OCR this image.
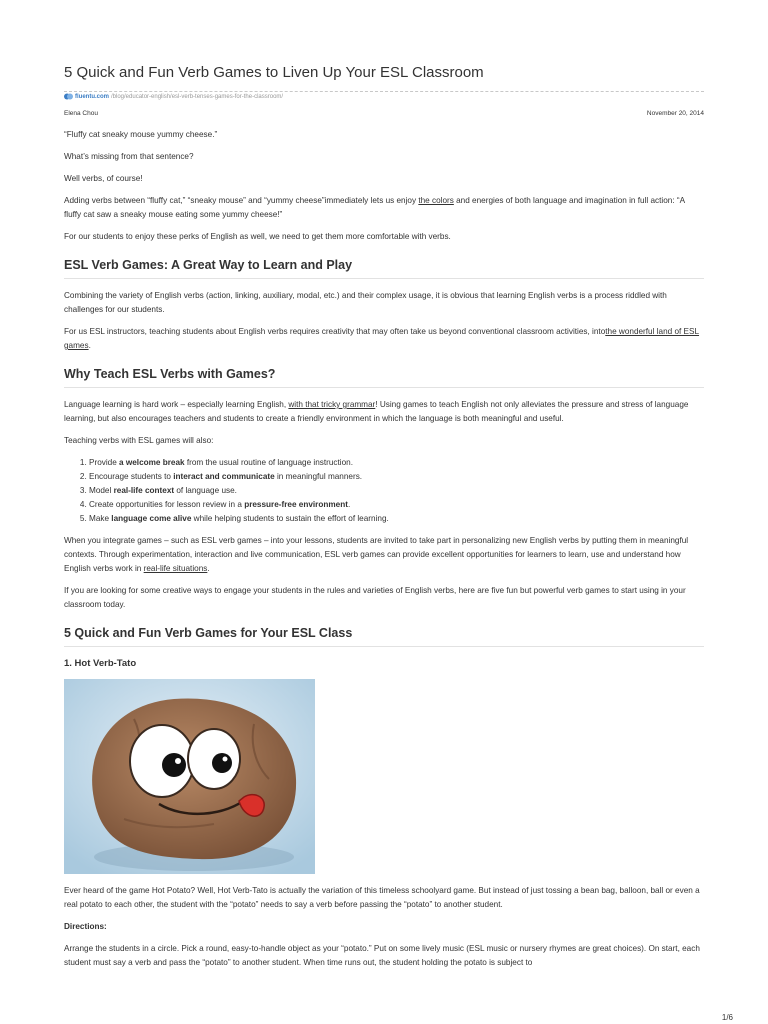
5 Quick and Fun Verb Games to Liven Up Your ESL Classroom
fluentu.com /blog/educator-english/esl-verb-tenses-games-for-the-classroom/
Elena Chou	November 20, 2014

“Fluffy cat sneaky mouse yummy cheese.”

What’s missing from that sentence?

Well verbs, of course!

Adding verbs between “fluffy cat,” “sneaky mouse” and “yummy cheese”immediately lets us enjoy the colors and energies of both language and imagination in full action: “A fluffy cat saw a sneaky mouse eating some yummy cheese!”

For our students to enjoy these perks of English as well, we need to get them more comfortable with verbs.

ESL Verb Games: A Great Way to Learn and Play

Combining the variety of English verbs (action, linking, auxiliary, modal, etc.) and their complex usage, it is obvious that learning English verbs is a process riddled with challenges for our students.

For us ESL instructors, teaching students about English verbs requires creativity that may often take us beyond conventional classroom activities, intothe wonderful land of ESL games.

Why Teach ESL Verbs with Games?

Language learning is hard work – especially learning English, with that tricky grammar! Using games to teach English not only alleviates the pressure and stress of language learning, but also encourages teachers and students to create a friendly environment in which the language is both meaningful and useful.

Teaching verbs with ESL games will also:

1. Provide a welcome break from the usual routine of language instruction.
2. Encourage students to interact and communicate in meaningful manners.
3. Model real-life context of language use.
4. Create opportunities for lesson review in a pressure-free environment.
5. Make language come alive while helping students to sustain the effort of learning.

When you integrate games – such as ESL verb games – into your lessons, students are invited to take part in personalizing new English verbs by putting them in meaningful contexts. Through experimentation, interaction and live communication, ESL verb games can provide excellent opportunities for learners to learn, use and understand how English verbs work in real-life situations.

If you are looking for some creative ways to engage your students in the rules and varieties of English verbs, here are five fun but powerful verb games to start using in your classroom today.

5 Quick and Fun Verb Games for Your ESL Class
1. Hot Verb-Tato

Ever heard of the game Hot Potato? Well, Hot Verb-Tato is actually the variation of this timeless schoolyard game. But instead of just tossing a bean bag, balloon, ball or even a real potato to each other, the student with the “potato” needs to say a verb before passing the “potato” to another student.

Directions:

Arrange the students in a circle. Pick a round, easy-to-handle object as your “potato.” Put on some lively music (ESL music or nursery rhymes are great choices). On start, each student must say a verb and pass the “potato” to another student. When time runs out, the student holding the potato is subject to

1/6
